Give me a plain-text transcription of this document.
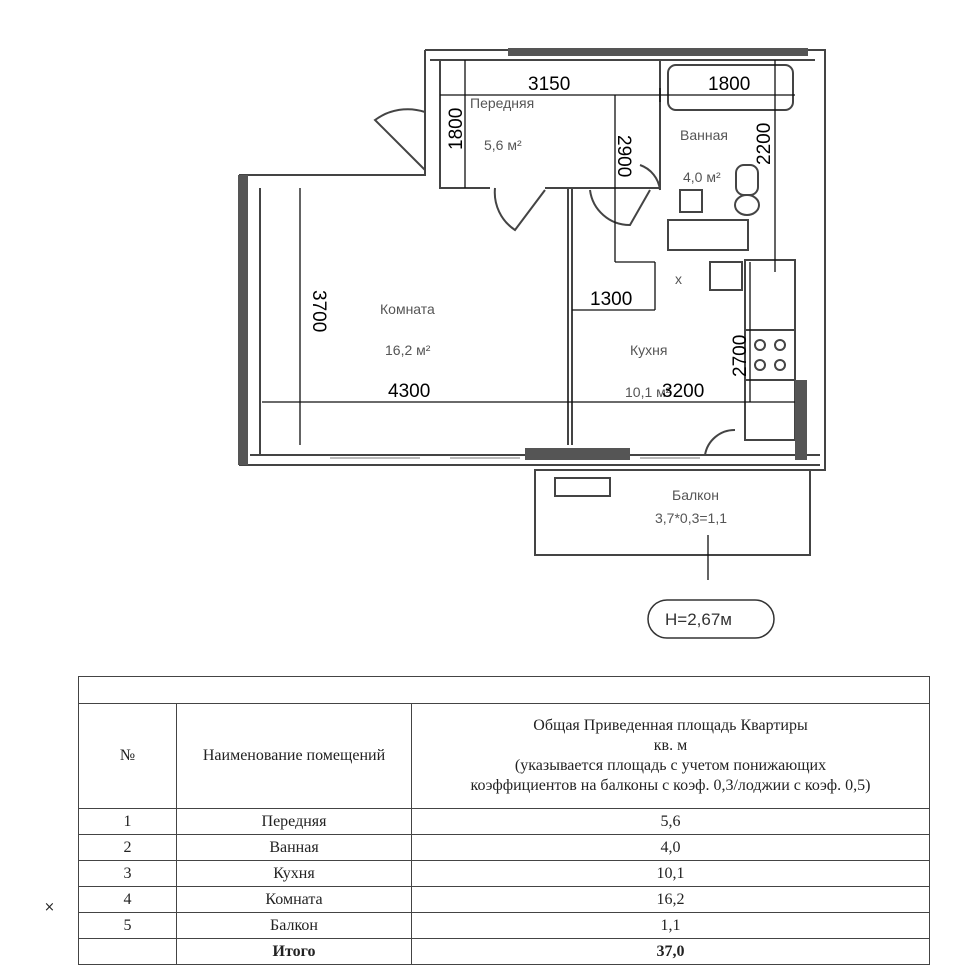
Передняя
5,6 м²
Ванная
4,0 м²
Комната
16,2 м²	Кухня
10,1 м²
Балкон
3,7*0,3=1,1
x
3150	1800
1800
2900	2200
3700	1300
2700
4300	3200
H=2,67м

№	Наименование помещений	Общая Приведенная площадь Квартиры
кв. м
(указывается площадь с учетом понижающих
коэффициентов на балконы с коэф. 0,3/лоджии с коэф. 0,5)

1	Передняя	5,6
2	Ванная	4,0
3	Кухня	10,1
4	Комната	16,2
5	Балкон	1,1
	Итого	37,0
×
